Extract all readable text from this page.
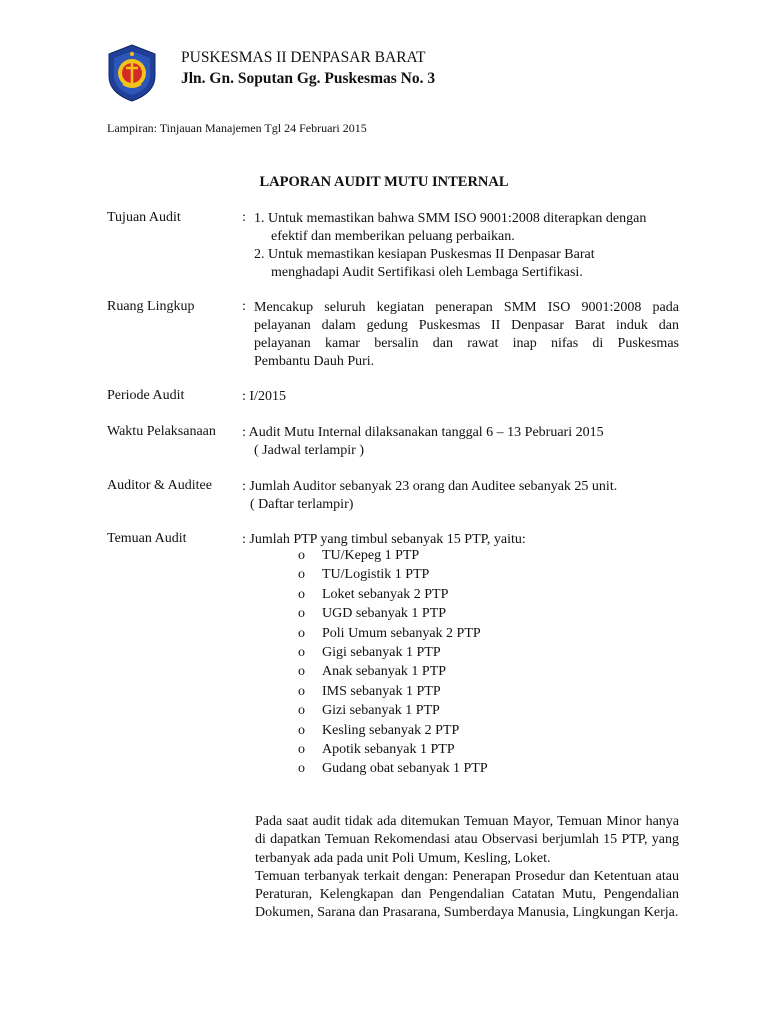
PUSKESMAS II DENPASAR BARAT
Jln. Gn. Soputan Gg. Puskesmas No. 3
Lampiran: Tinjauan Manajemen Tgl 24 Februari 2015
LAPORAN AUDIT MUTU INTERNAL
Tujuan Audit	: 1. Untuk memastikan bahwa SMM ISO 9001:2008 diterapkan dengan
efektif dan memberikan peluang perbaikan.
2. Untuk memastikan kesiapan Puskesmas II Denpasar Barat
menghadapi Audit Sertifikasi oleh Lembaga Sertifikasi.
Ruang Lingkup	: Mencakup seluruh kegiatan penerapan SMM ISO 9001:2008 pada
pelayanan dalam gedung Puskesmas II Denpasar Barat induk dan
pelayanan kamar bersalin dan rawat inap nifas di Puskesmas
Pembantu Dauh Puri.
Periode Audit	: I/2015
Waktu Pelaksanaan : Audit Mutu Internal dilaksanakan tanggal 6 – 13 Pebruari 2015
( Jadwal terlampir )
Auditor & Auditee : Jumlah Auditor sebanyak 23 orang dan Auditee sebanyak 25 unit.
( Daftar terlampir)
Temuan Audit	: Jumlah PTP yang timbul sebanyak 15 PTP, yaitu:
o TU/Kepeg 1 PTP
o TU/Logistik 1 PTP
o Loket sebanyak 2 PTP
o UGD sebanyak 1 PTP
o Poli Umum sebanyak 2 PTP
o Gigi sebanyak 1 PTP
o Anak sebanyak 1 PTP
o IMS sebanyak 1 PTP
o Gizi sebanyak 1 PTP
o Kesling sebanyak 2 PTP
o Apotik sebanyak 1 PTP
o Gudang obat sebanyak 1 PTP

Pada saat audit tidak ada ditemukan Temuan Mayor, Temuan Minor hanya di dapatkan Temuan Rekomendasi atau Observasi berjumlah 15 PTP, yang terbanyak ada pada unit Poli Umum, Kesling, Loket.

Temuan terbanyak terkait dengan: Penerapan Prosedur dan Ketentuan atau Peraturan, Kelengkapan dan Pengendalian Catatan Mutu, Pengendalian Dokumen, Sarana dan Prasarana, Sumberdaya Manusia, Lingkungan Kerja.
